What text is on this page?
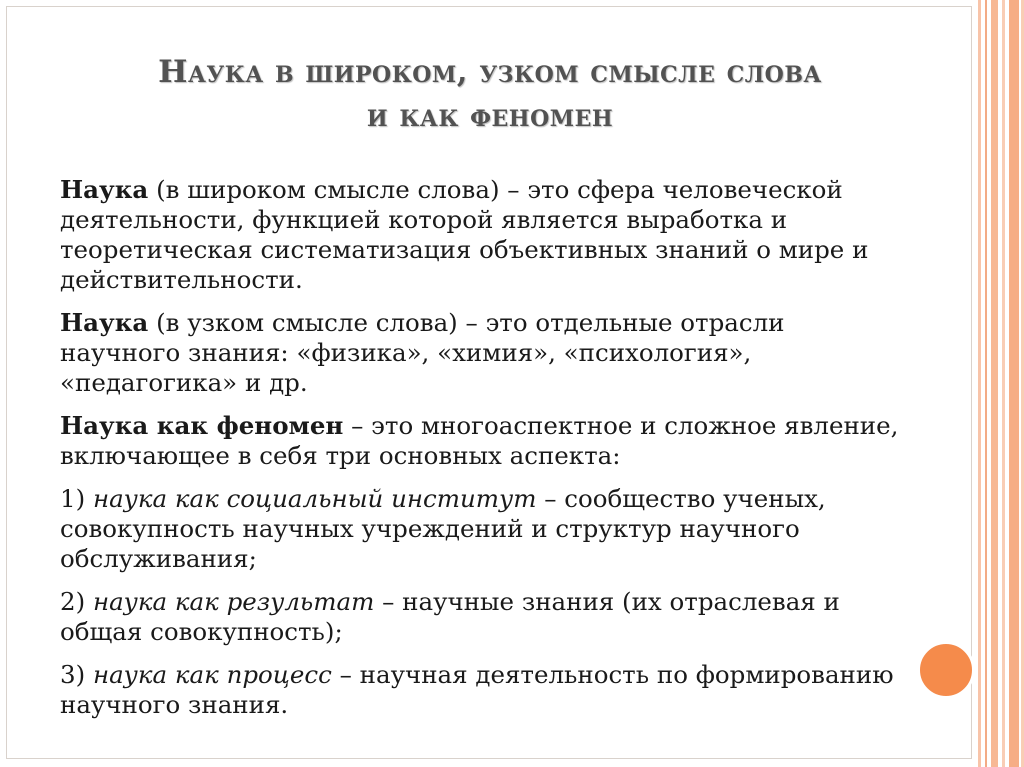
Наука в широком, узком смысле слова
и как феномен

Наука (в широком смысле слова) – это сфера человеческой деятельности, функцией которой является выработка и теоретическая систематизация объективных знаний о мире и действительности.

Наука (в узком смысле слова) – это отдельные отрасли научного знания: «физика», «химия», «психология», «педагогика» и др.

Наука как феномен – это многоаспектное и сложное явление, включающее в себя три основных аспекта:

1) наука как социальный институт – сообщество ученых, совокупность научных учреждений и структур научного обслуживания;

2) наука как результат – научные знания (их отраслевая и общая совокупность);

3) наука как процесс – научная деятельность по формированию научного знания.
